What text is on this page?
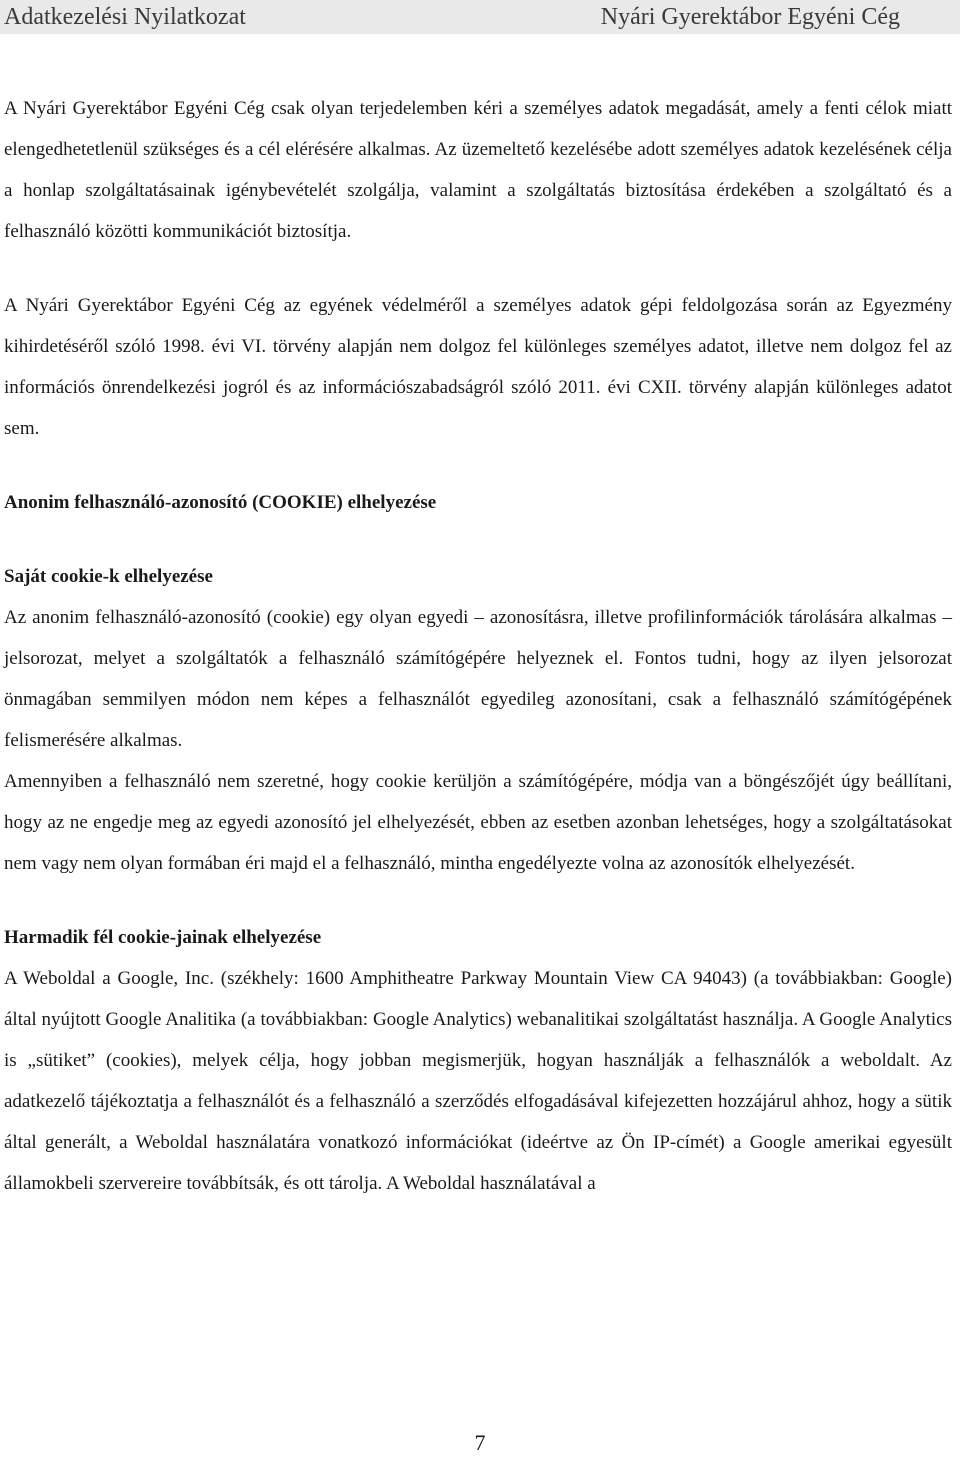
Adatkezelési Nyilatkozat	Nyári Gyerektábor Egyéni Cég

A Nyári Gyerektábor Egyéni Cég csak olyan terjedelemben kéri a személyes adatok megadását, amely a fenti célok miatt elengedhetetlenül szükséges és a cél elérésére alkalmas. Az üzemeltető kezelésébe adott személyes adatok kezelésének célja a honlap szolgáltatásainak igénybevételét szolgálja, valamint a szolgáltatás biztosítása érdekében a szolgáltató és a felhasználó közötti kommunikációt biztosítja.

A Nyári Gyerektábor Egyéni Cég az egyének védelméről a személyes adatok gépi feldolgozása során az Egyezmény kihirdetéséről szóló 1998. évi VI. törvény alapján nem dolgoz fel különleges személyes adatot, illetve nem dolgoz fel az információs önrendelkezési jogról és az információszabadságról szóló 2011. évi CXII. törvény alapján különleges adatot sem.

Anonim felhasználó-azonosító (COOKIE) elhelyezése
Saját cookie-k elhelyezése

Az anonim felhasználó-azonosító (cookie) egy olyan egyedi – azonosításra, illetve profilinformációk tárolására alkalmas – jelsorozat, melyet a szolgáltatók a felhasználó számítógépére helyeznek el. Fontos tudni, hogy az ilyen jelsorozat önmagában semmilyen módon nem képes a felhasználót egyedileg azonosítani, csak a felhasználó számítógépének felismerésére alkalmas.

Amennyiben a felhasználó nem szeretné, hogy cookie kerüljön a számítógépére, módja van a böngészőjét úgy beállítani, hogy az ne engedje meg az egyedi azonosító jel elhelyezését, ebben az esetben azonban lehetséges, hogy a szolgáltatásokat nem vagy nem olyan formában éri majd el a felhasználó, mintha engedélyezte volna az azonosítók elhelyezését.

Harmadik fél cookie-jainak elhelyezése

A Weboldal a Google, Inc. (székhely: 1600 Amphitheatre Parkway Mountain View CA 94043) (a továbbiakban: Google) által nyújtott Google Analitika (a továbbiakban: Google Analytics) webanalitikai szolgáltatást használja. A Google Analytics is „sütiket” (cookies), melyek célja, hogy jobban megismerjük, hogyan használják a felhasználók a weboldalt. Az adatkezelő tájékoztatja a felhasználót és a felhasználó a szerződés elfogadásával kifejezetten hozzájárul ahhoz, hogy a sütik által generált, a Weboldal használatára vonatkozó információkat (ideértve az Ön IP-címét) a Google amerikai egyesült államokbeli szervereire továbbítsák, és ott tárolja. A Weboldal használatával a

7
